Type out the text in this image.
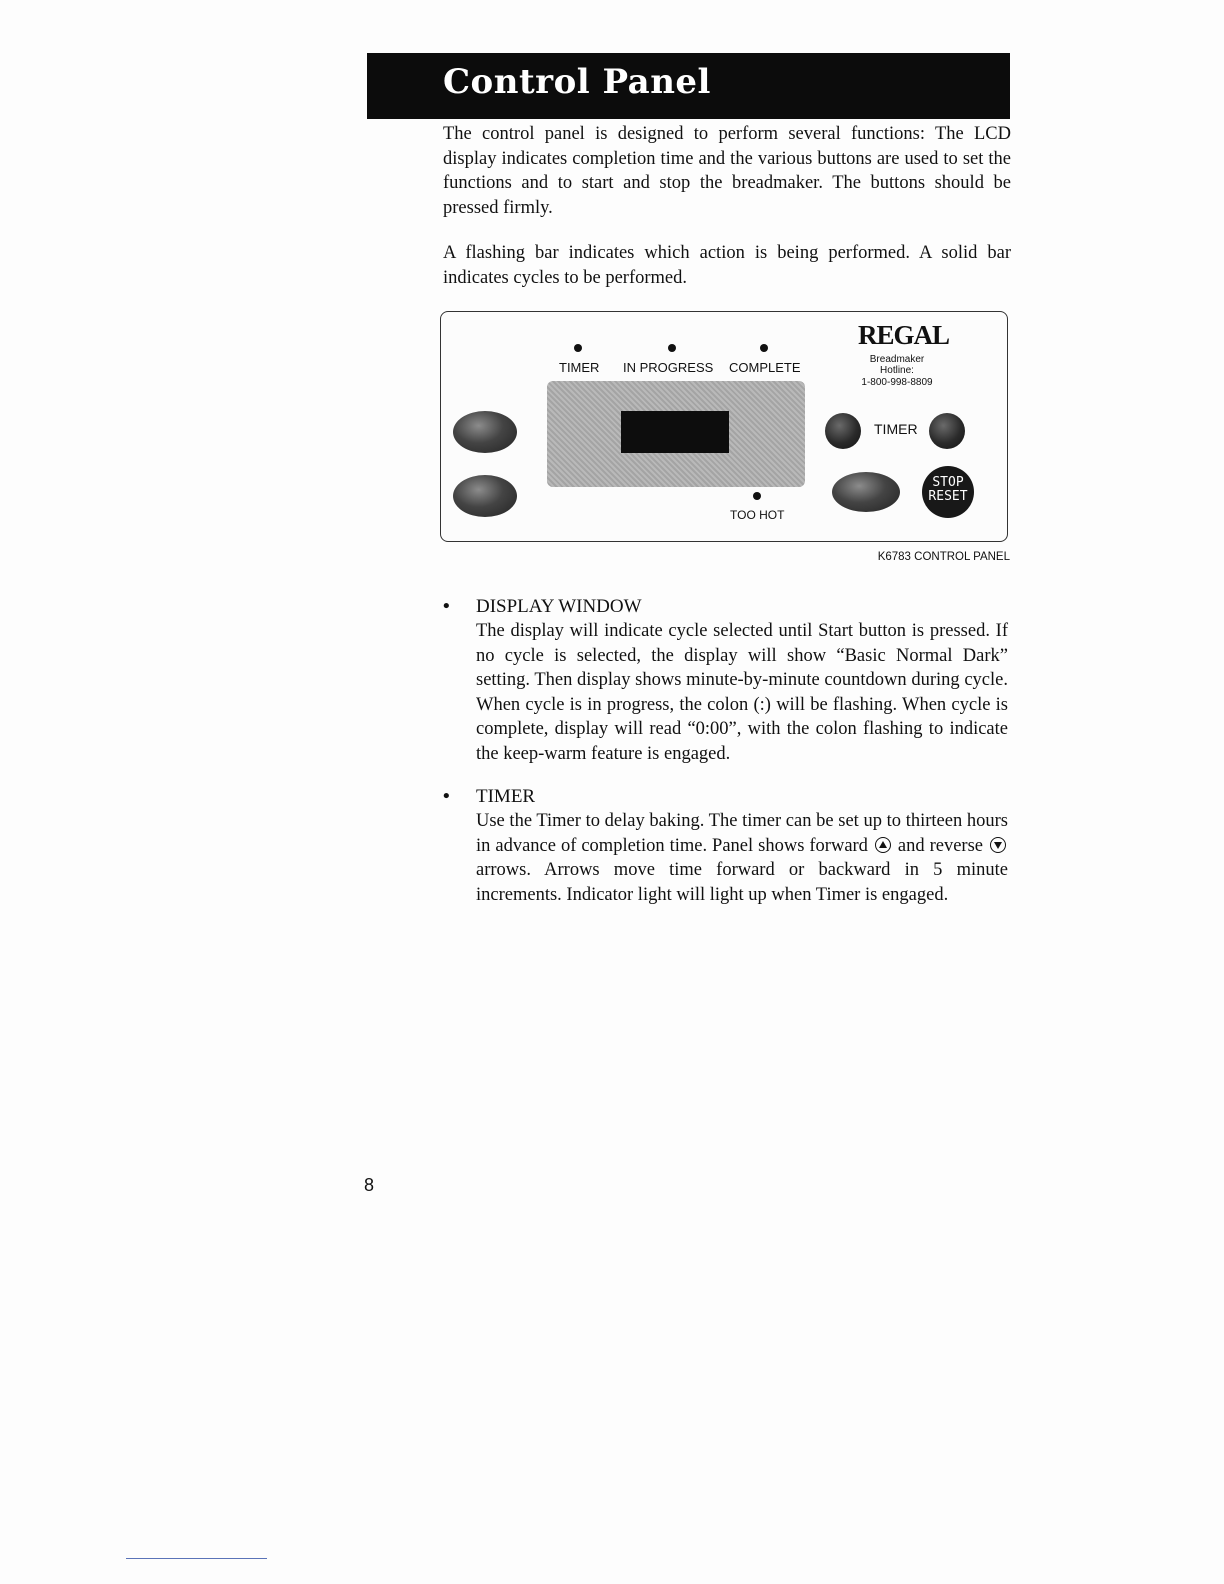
Control Panel
The control panel is designed to perform several functions: The LCD display indicates completion time and the various buttons are used to set the functions and to start and stop the breadmaker. The buttons should be pressed firmly.
A flashing bar indicates which action is being performed. A solid bar indicates cycles to be performed.
TIMER IN PROGRESS COMPLETE
REGAL
Breadmaker
Hotline:
1-800-998-8809
TOO HOT
TIMER
STOP
RESET
K6783 CONTROL PANEL
• DISPLAY WINDOW
The display will indicate cycle selected until Start button is pressed. If no cycle is selected, the display will show “Basic Normal Dark” setting. Then display shows minute-by-minute countdown during cycle. When cycle is in progress, the colon (:) will be flashing. When cycle is complete, display will read “0:00”, with the colon flashing to indicate the keep-warm feature is engaged.
• TIMER
Use the Timer to delay baking. The timer can be set up to thirteen hours in advance of completion time. Panel shows forward and reverse  arrows. Arrows move time forward or backward in 5 minute increments. Indicator light will light up when Timer is engaged.
8
